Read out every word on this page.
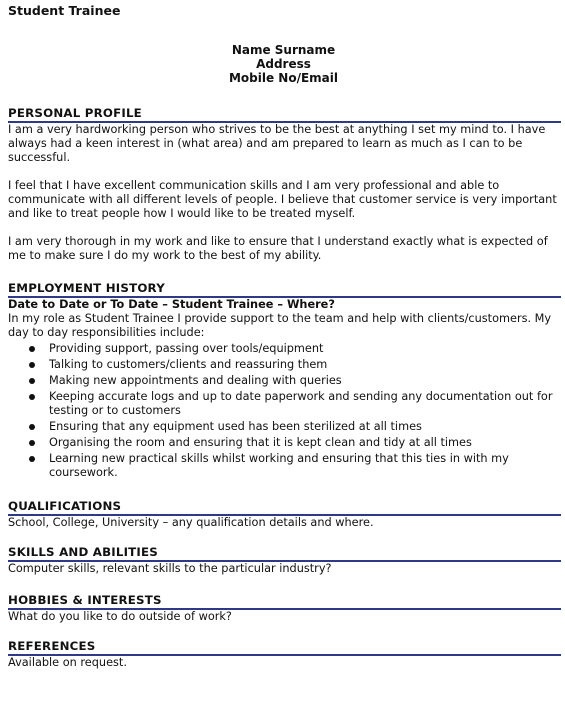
Student Trainee
Name Surname
Address
Mobile No/Email
PERSONAL PROFILE

I am a very hardworking person who strives to be the best at anything I set my mind to. I have always had a keen interest in (what area) and am prepared to learn as much as I can to be successful.

I feel that I have excellent communication skills and I am very professional and able to communicate with all different levels of people. I believe that customer service is very important and like to treat people how I would like to be treated myself.

I am very thorough in my work and like to ensure that I understand exactly what is expected of me to make sure I do my work to the best of my ability.

EMPLOYMENT HISTORY
Date to Date or To Date – Student Trainee – Where?

In my role as Student Trainee I provide support to the team and help with clients/customers. My day to day responsibilities include:

Providing support, passing over tools/equipment
Talking to customers/clients and reassuring them
Making new appointments and dealing with queries
Keeping accurate logs and up to date paperwork and sending any documentation out for testing or to customers
Ensuring that any equipment used has been sterilized at all times
Organising the room and ensuring that it is kept clean and tidy at all times
Learning new practical skills whilst working and ensuring that this ties in with my coursework.
QUALIFICATIONS

School, College, University – any qualification details and where.

SKILLS AND ABILITIES

Computer skills, relevant skills to the particular industry?

HOBBIES & INTERESTS

What do you like to do outside of work?

REFERENCES

Available on request.
